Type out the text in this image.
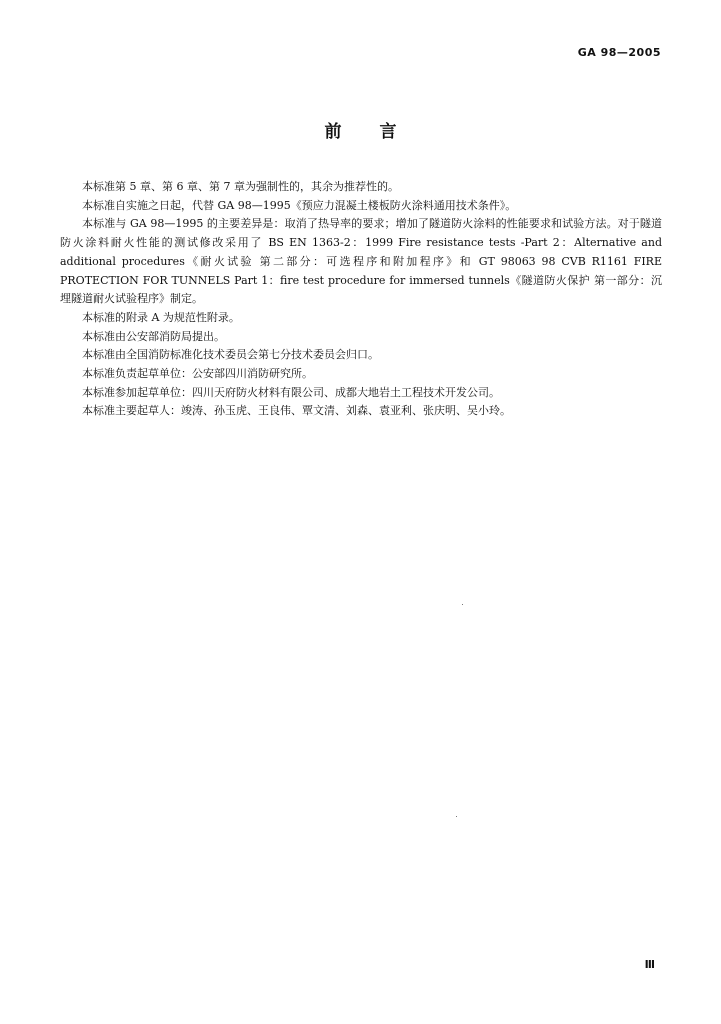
GA 98—2005
前言

本标准第 5 章、第 6 章、第 7 章为强制性的，其余为推荐性的。

本标准自实施之日起，代替 GA 98—1995《预应力混凝土楼板防火涂料通用技术条件》。

本标准与 GA 98—1995 的主要差异是：取消了热导率的要求；增加了隧道防火涂料的性能要求和试验方法。对于隧道防火涂料耐火性能的测试修改采用了 BS EN 1363-2：1999 Fire resistance tests -Part 2：Alternative and additional procedures《耐火试验 第二部分：可选程序和附加程序》和 GT 98063 98 CVB R1161 FIRE PROTECTION FOR TUNNELS Part 1：fire test procedure for immersed tunnels《隧道防火保护 第一部分：沉埋隧道耐火试验程序》制定。

本标准的附录 A 为规范性附录。

本标准由公安部消防局提出。

本标准由全国消防标准化技术委员会第七分技术委员会归口。

本标准负责起草单位：公安部四川消防研究所。

本标准参加起草单位：四川天府防火材料有限公司、成都大地岩土工程技术开发公司。

本标准主要起草人：竣涛、孙玉虎、王良伟、覃文清、刘森、袁亚利、张庆明、吴小玲。

Ⅲ
